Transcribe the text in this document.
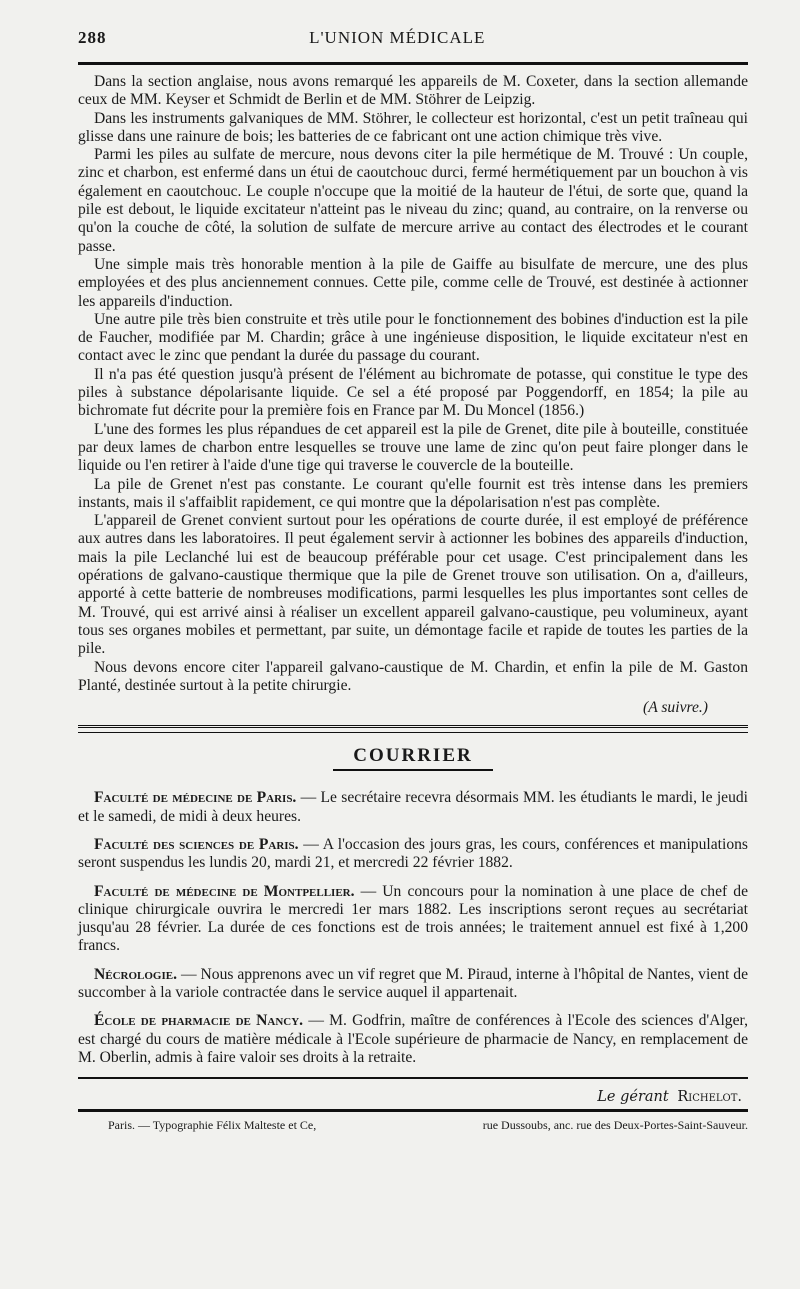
288	L'UNION MÉDICALE

Dans la section anglaise, nous avons remarqué les appareils de M. Coxeter, dans la section allemande ceux de MM. Keyser et Schmidt de Berlin et de MM. Stöhrer de Leipzig.

Dans les instruments galvaniques de MM. Stöhrer, le collecteur est horizontal, c'est un petit traîneau qui glisse dans une rainure de bois; les batteries de ce fabricant ont une action chimique très vive.

Parmi les piles au sulfate de mercure, nous devons citer la pile hermétique de M. Trouvé : Un couple, zinc et charbon, est enfermé dans un étui de caoutchouc durci, fermé hermétiquement par un bouchon à vis également en caoutchouc. Le couple n'occupe que la moitié de la hauteur de l'étui, de sorte que, quand la pile est debout, le liquide excitateur n'atteint pas le niveau du zinc; quand, au contraire, on la renverse ou qu'on la couche de côté, la solution de sulfate de mercure arrive au contact des électrodes et le courant passe.

Une simple mais très honorable mention à la pile de Gaiffe au bisulfate de mercure, une des plus employées et des plus anciennement connues. Cette pile, comme celle de Trouvé, est destinée à actionner les appareils d'induction.

Une autre pile très bien construite et très utile pour le fonctionnement des bobines d'induction est la pile de Faucher, modifiée par M. Chardin; grâce à une ingénieuse disposition, le liquide excitateur n'est en contact avec le zinc que pendant la durée du passage du courant.

Il n'a pas été question jusqu'à présent de l'élément au bichromate de potasse, qui constitue le type des piles à substance dépolarisante liquide. Ce sel a été proposé par Poggendorff, en 1854; la pile au bichromate fut décrite pour la première fois en France par M. Du Moncel (1856.)

L'une des formes les plus répandues de cet appareil est la pile de Grenet, dite pile à bouteille, constituée par deux lames de charbon entre lesquelles se trouve une lame de zinc qu'on peut faire plonger dans le liquide ou l'en retirer à l'aide d'une tige qui traverse le couvercle de la bouteille.

La pile de Grenet n'est pas constante. Le courant qu'elle fournit est très intense dans les premiers instants, mais il s'affaiblit rapidement, ce qui montre que la dépolarisation n'est pas complète.

L'appareil de Grenet convient surtout pour les opérations de courte durée, il est employé de préférence aux autres dans les laboratoires. Il peut également servir à actionner les bobines des appareils d'induction, mais la pile Leclanché lui est de beaucoup préférable pour cet usage. C'est principalement dans les opérations de galvano-caustique thermique que la pile de Grenet trouve son utilisation. On a, d'ailleurs, apporté à cette batterie de nombreuses modifications, parmi lesquelles les plus importantes sont celles de M. Trouvé, qui est arrivé ainsi à réaliser un excellent appareil galvano-caustique, peu volumineux, ayant tous ses organes mobiles et permettant, par suite, un démontage facile et rapide de toutes les parties de la pile.

Nous devons encore citer l'appareil galvano-caustique de M. Chardin, et enfin la pile de M. Gaston Planté, destinée surtout à la petite chirurgie.

(A suivre.)
COURRIER

Faculté de médecine de Paris. — Le secrétaire recevra désormais MM. les étudiants le mardi, le jeudi et le samedi, de midi à deux heures.

Faculté des sciences de Paris. — A l'occasion des jours gras, les cours, conférences et manipulations seront suspendus les lundis 20, mardi 21, et mercredi 22 février 1882.

Faculté de médecine de Montpellier. — Un concours pour la nomination à une place de chef de clinique chirurgicale ouvrira le mercredi 1er mars 1882. Les inscriptions seront reçues au secrétariat jusqu'au 28 février. La durée de ces fonctions est de trois années; le traitement annuel est fixé à 1,200 francs.

Nécrologie. — Nous apprenons avec un vif regret que M. Piraud, interne à l'hôpital de Nantes, vient de succomber à la variole contractée dans le service auquel il appartenait.

École de pharmacie de Nancy. — M. Godfrin, maître de conférences à l'Ecole des sciences d'Alger, est chargé du cours de matière médicale à l'Ecole supérieure de pharmacie de Nancy, en remplacement de M. Oberlin, admis à faire valoir ses droits à la retraite.

Le gérant Richelot.
Paris. — Typographie Félix Malteste et Ce,	rue Dussoubs, anc. rue des Deux-Portes-Saint-Sauveur.
